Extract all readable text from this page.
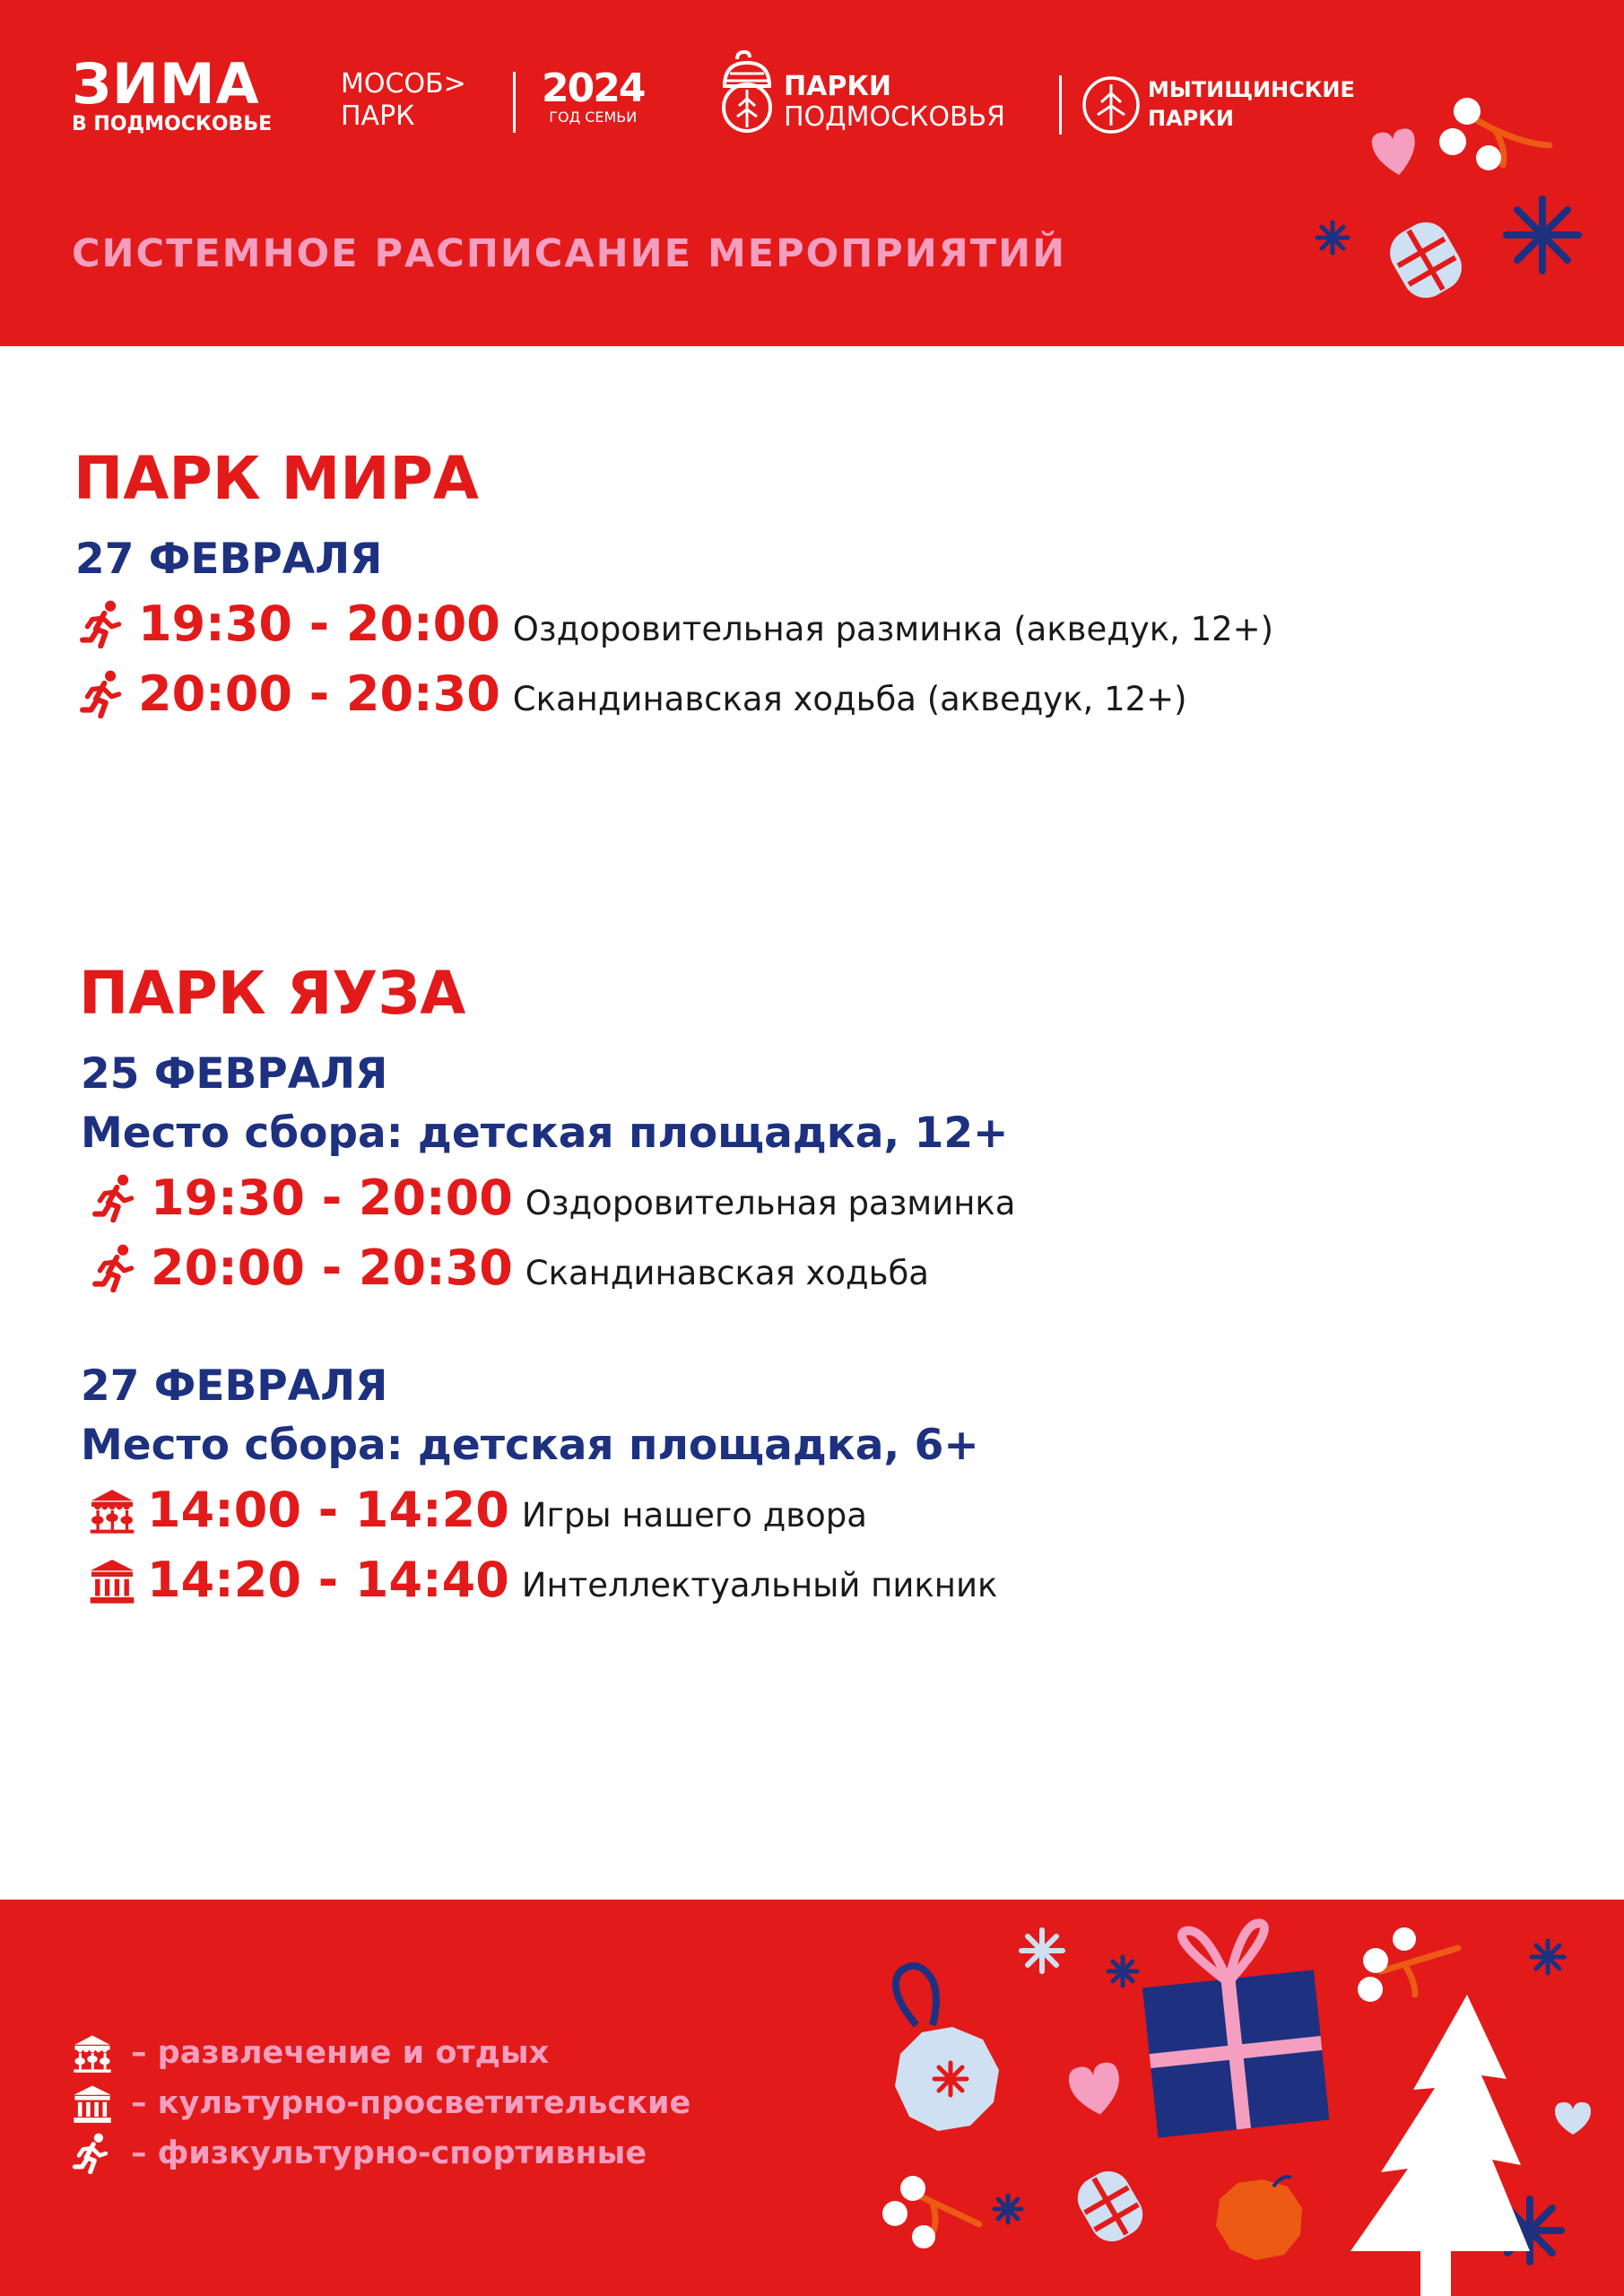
ЗИМА
В ПОДМОСКОВЬЕ
МОСОБ>
ПАРК
2024
ГОД СЕМЬИ
ПАРКИ
ПОДМОСКОВЬЯ
МЫТИЩИНСКИЕ
ПАРКИ
СИСТЕМНОЕ РАСПИСАНИЕ МЕРОПРИЯТИЙ
ПАРК МИРА
27 ФЕВРАЛЯ
19:30 - 20:00 Оздоровительная разминка (акведук, 12+)
20:00 - 20:30 Скандинавская ходьба (акведук, 12+)
ПАРК ЯУЗА
25 ФЕВРАЛЯ
Место сбора: детская площадка, 12+
19:30 - 20:00 Оздоровительная разминка
20:00 - 20:30 Скандинавская ходьба
27 ФЕВРАЛЯ
Место сбора: детская площадка, 6+
14:00 - 14:20 Игры нашего двора
14:20 - 14:40 Интеллектуальный пикник
– развлечение и отдых
– культурно-просветительские
– физкультурно-спортивные
